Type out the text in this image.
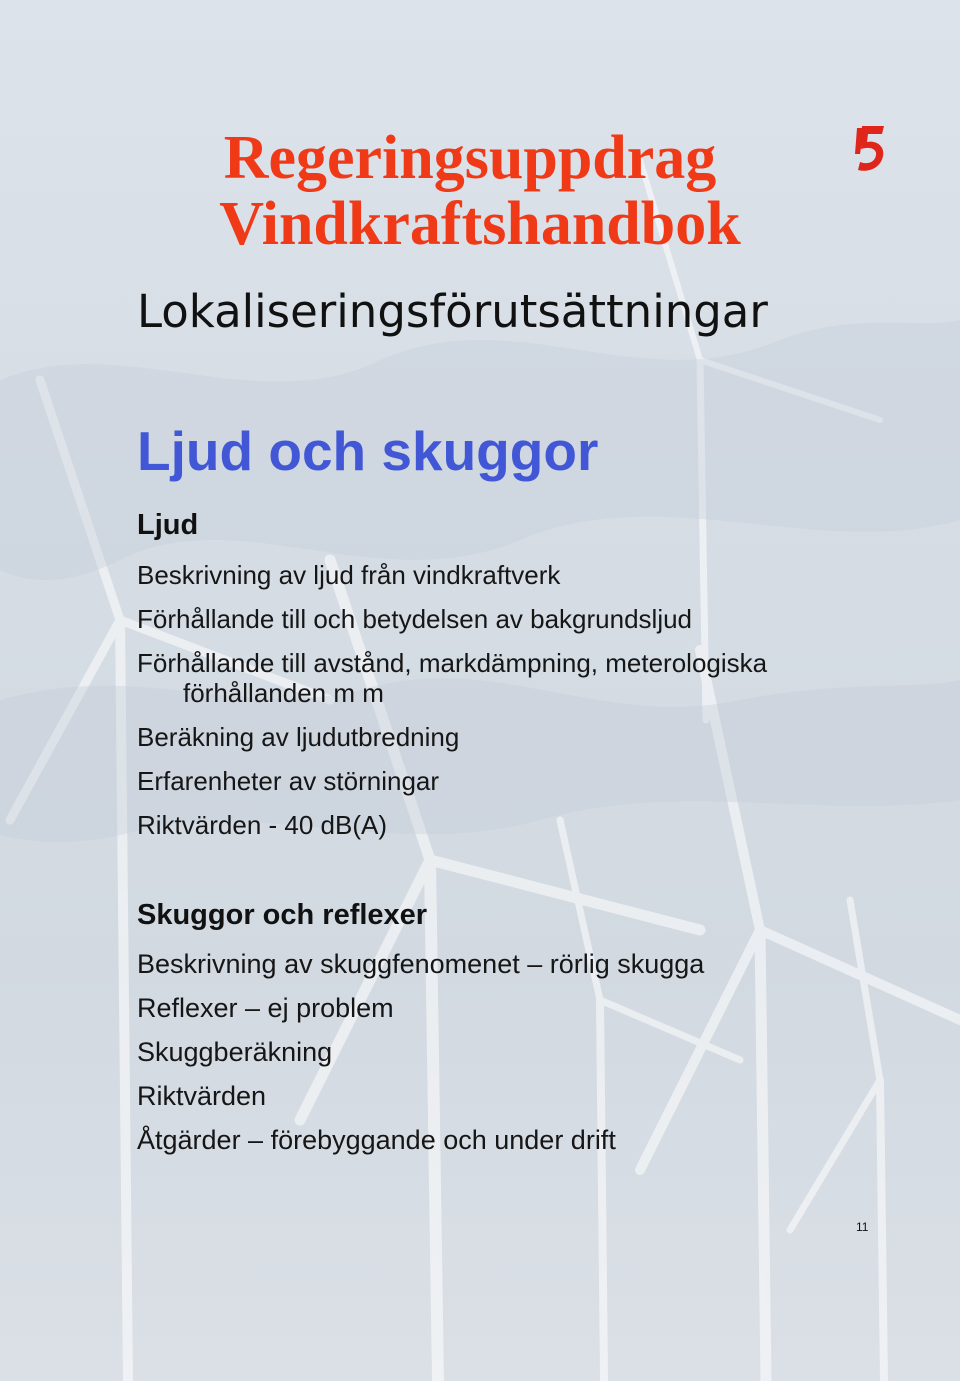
Regeringsuppdrag
Vindkraftshandbok
Lokaliseringsförutsättningar
Ljud och skuggor
Ljud
Beskrivning av ljud från vindkraftverk
Förhållande till och betydelsen av bakgrundsljud
Förhållande till avstånd, markdämpning, meterologiska
förhållanden m m
Beräkning av ljudutbredning
Erfarenheter av störningar
Riktvärden - 40 dB(A)
Skuggor och reflexer
Beskrivning av skuggfenomenet – rörlig skugga
Reflexer – ej problem
Skuggberäkning
Riktvärden
Åtgärder – förebyggande och under drift
11
